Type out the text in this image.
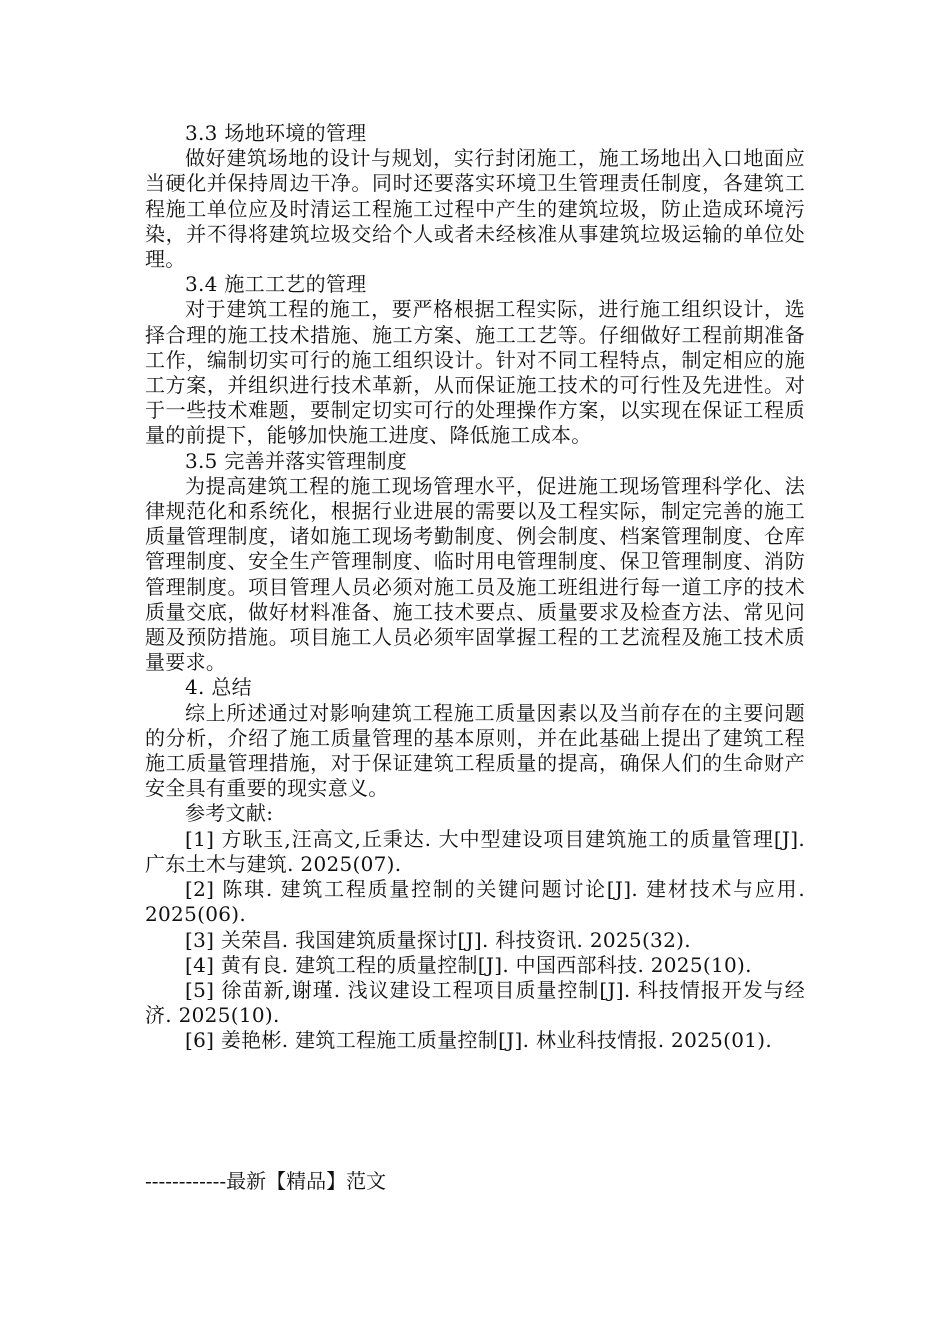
3.3 场地环境的管理

做好建筑场地的设计与规划，实行封闭施工，施工场地出入口地面应当硬化并保持周边干净。同时还要落实环境卫生管理责任制度，各建筑工程施工单位应及时清运工程施工过程中产生的建筑垃圾，防止造成环境污染，并不得将建筑垃圾交给个人或者未经核准从事建筑垃圾运输的单位处理。

3.4 施工工艺的管理

对于建筑工程的施工，要严格根据工程实际，进行施工组织设计，选择合理的施工技术措施、施工方案、施工工艺等。仔细做好工程前期准备工作，编制切实可行的施工组织设计。针对不同工程特点，制定相应的施工方案，并组织进行技术革新，从而保证施工技术的可行性及先进性。对于一些技术难题，要制定切实可行的处理操作方案，以实现在保证工程质量的前提下，能够加快施工进度、降低施工成本。

3.5 完善并落实管理制度

为提高建筑工程的施工现场管理水平，促进施工现场管理科学化、法律规范化和系统化，根据行业进展的需要以及工程实际，制定完善的施工质量管理制度，诸如施工现场考勤制度、例会制度、档案管理制度、仓库管理制度、安全生产管理制度、临时用电管理制度、保卫管理制度、消防管理制度。项目管理人员必须对施工员及施工班组进行每一道工序的技术质量交底，做好材料准备、施工技术要点、质量要求及检查方法、常见问题及预防措施。项目施工人员必须牢固掌握工程的工艺流程及施工技术质量要求。

4. 总结

综上所述通过对影响建筑工程施工质量因素以及当前存在的主要问题的分析，介绍了施工质量管理的基本原则，并在此基础上提出了建筑工程施工质量管理措施，对于保证建筑工程质量的提高，确保人们的生命财产安全具有重要的现实意义。

参考文献:

[1] 方耿玉,汪高文,丘秉达. 大中型建设项目建筑施工的质量管理[J]. 广东土木与建筑. 2025(07).

[2] 陈琪. 建筑工程质量控制的关键问题讨论[J]. 建材技术与应用. 2025(06).

[3] 关荣昌. 我国建筑质量探讨[J]. 科技资讯. 2025(32).

[4] 黄有良. 建筑工程的质量控制[J]. 中国西部科技. 2025(10).

[5] 徐苗新,谢瑾. 浅议建设工程项目质量控制[J]. 科技情报开发与经济. 2025(10).

[6] 姜艳彬. 建筑工程施工质量控制[J]. 林业科技情报. 2025(01).

------------最新【精品】范文
